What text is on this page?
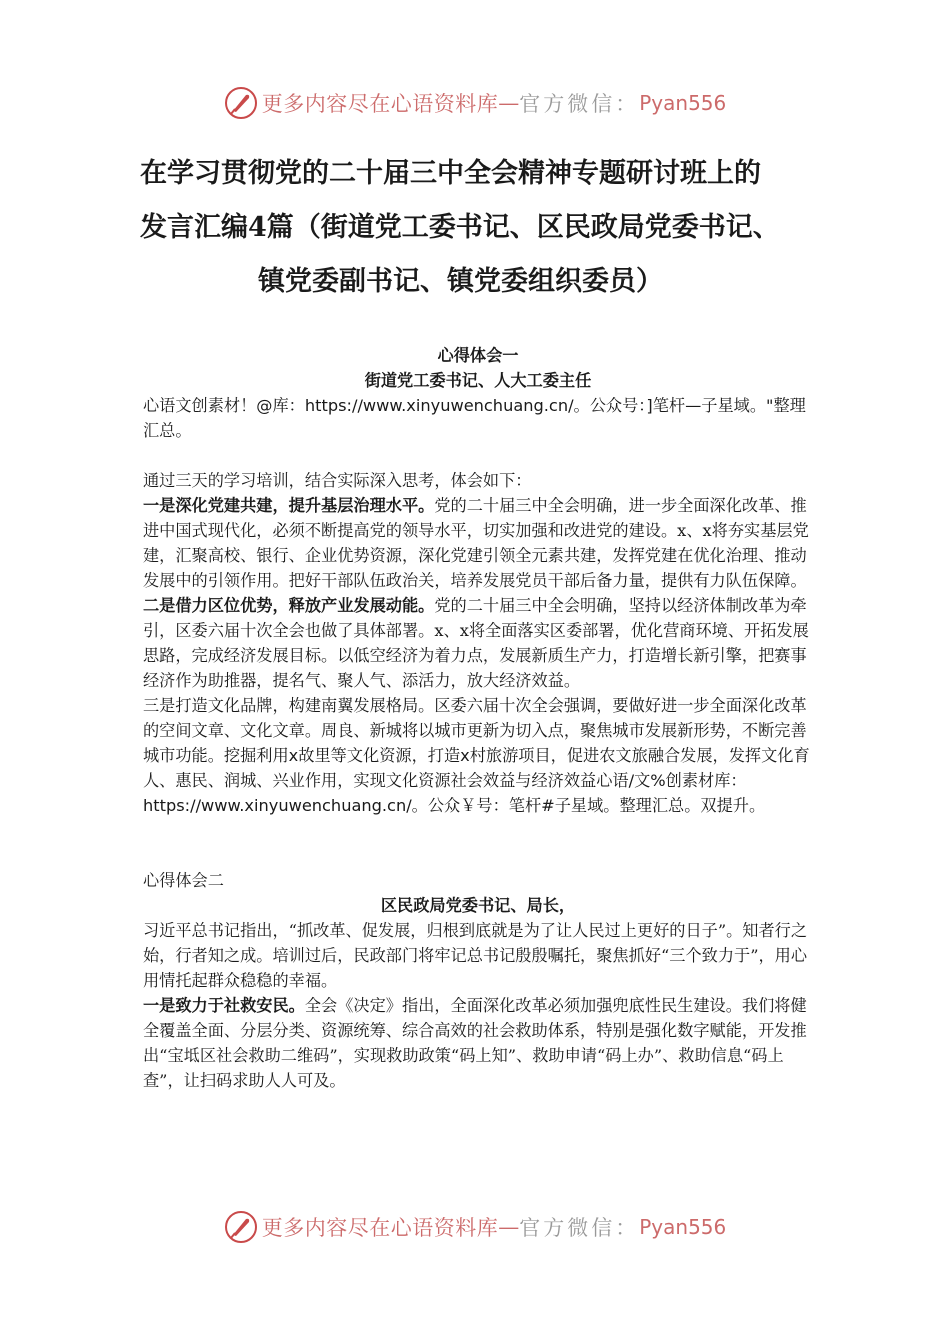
更多内容尽在心语资料库 — 官方微信： Pyan556
在学习贯彻党的二十届三中全会精神专题研讨班上的
发言汇编4篇（街道党工委书记、区民政局党委书记、
镇党委副书记、镇党委组织委员）

心得体会一

街道党工委书记、人大工委主任

心语文创素材！@库：https://www.xinyuwenchuang.cn/。公众号：]笔杆—子星域。"整理汇总。

通过三天的学习培训，结合实际深入思考，体会如下：

一是深化党建共建，提升基层治理水平。党的二十届三中全会明确，进一步全面深化改革、推进中国式现代化，必须不断提高党的领导水平，切实加强和改进党的建设。x、x将夯实基层党建，汇聚高校、银行、企业优势资源，深化党建引领全元素共建，发挥党建在优化治理、推动发展中的引领作用。把好干部队伍政治关，培养发展党员干部后备力量，提供有力队伍保障。

二是借力区位优势，释放产业发展动能。党的二十届三中全会明确，坚持以经济体制改革为牵引，区委六届十次全会也做了具体部署。x、x将全面落实区委部署，优化营商环境、开拓发展思路，完成经济发展目标。以低空经济为着力点，发展新质生产力，打造增长新引擎，把赛事经济作为助推器，提名气、聚人气、添活力，放大经济效益。

三是打造文化品牌，构建南翼发展格局。区委六届十次全会强调，要做好进一步全面深化改革的空间文章、文化文章。周良、新城将以城市更新为切入点，聚焦城市发展新形势，不断完善城市功能。挖掘利用x故里等文化资源，打造x村旅游项目，促进农文旅融合发展，发挥文化育人、惠民、润城、兴业作用，实现文化资源社会效益与经济效益心语/文%创素材库：https://www.xinyuwenchuang.cn/。公众￥号：笔杆#子星域。整理汇总。双提升。

心得体会二

区民政局党委书记、局长，

习近平总书记指出，“抓改革、促发展，归根到底就是为了让人民过上更好的日子”。知者行之始，行者知之成。培训过后，民政部门将牢记总书记殷殷嘱托，聚焦抓好“三个致力于”，用心用情托起群众稳稳的幸福。

一是致力于社救安民。全会《决定》指出，全面深化改革必须加强兜底性民生建设。我们将健全覆盖全面、分层分类、资源统筹、综合高效的社会救助体系，特别是强化数字赋能，开发推出“宝坻区社会救助二维码”，实现救助政策“码上知”、救助申请“码上办”、救助信息“码上查”，让扫码求助人人可及。

更多内容尽在心语资料库 — 官方微信： Pyan556
